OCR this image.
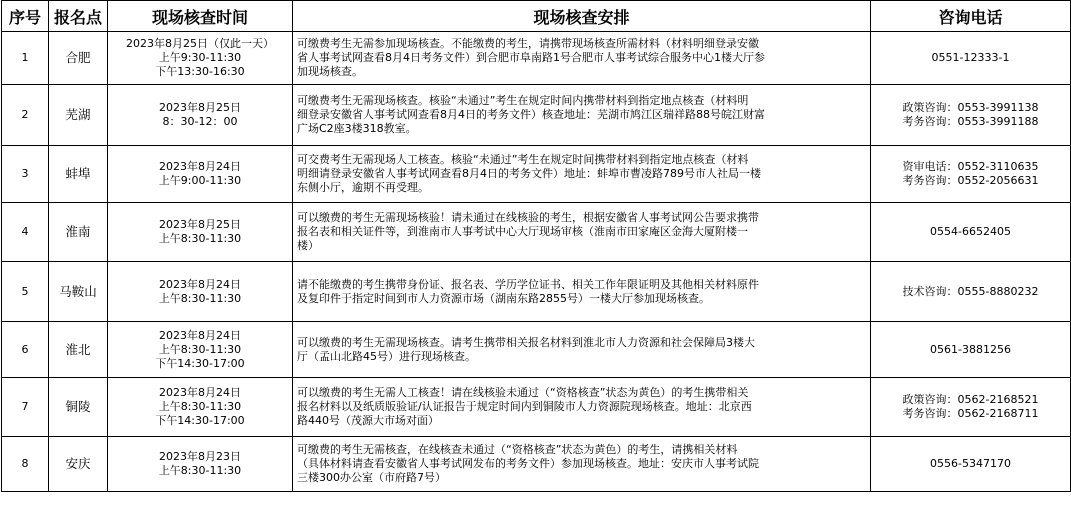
序号	报名点	现场核查时间	现场核查安排	咨询电话
1	合肥	2023年8月25日（仅此一天）
上午9:30-11:30
下午13:30-16:30	可缴费考生无需参加现场核查。不能缴费的考生，请携带现场核查所需材料（材料明细登录安徽
省人事考试网查看8月4日考务文件）到合肥市阜南路1号合肥市人事考试综合服务中心1楼大厅参
加现场核查。	0551-12333-1

2	芜湖	2023年8月25日
8：30-12：00	可缴费考生无需现场核查。核验“未通过”考生在规定时间内携带材料到指定地点核查（材料明
细登录安徽省人事考试网查看8月4日的考务文件）核查地址：芜湖市鸠江区瑞祥路88号皖江财富
广场C2座3楼318教室。	政策咨询：0553-3991138
考务咨询：0553-3991188

3	蚌埠	2023年8月24日
上午9:00-11:30	可交费考生无需现场人工核查。核验“未通过”考生在规定时间携带材料到指定地点核查（材料
明细请登录安徽省人事考试网查看8月4日的考务文件）地址：蚌埠市曹凌路789号市人社局一楼
东侧小厅，逾期不再受理。	资审电话：0552-3110635
考务咨询：0552-2056631

4	淮南	2023年8月25日
上午8:30-11:30	可以缴费的考生无需现场核验！请未通过在线核验的考生，根据安徽省人事考试网公告要求携带
报名表和相关证件等，到淮南市人事考试中心大厅现场审核（淮南市田家庵区金海大厦附楼一
楼）	0554-6652405

5	马鞍山	2023年8月24日
上午8:30-11:30	请不能缴费的考生携带身份证、报名表、学历学位证书、相关工作年限证明及其他相关材料原件
及复印件于指定时间到市人力资源市场（湖南东路2855号）一楼大厅参加现场核查。	技术咨询：0555-8880232

6	淮北	2023年8月24日
上午8:30-11:30
下午14:30-17:00	可以缴费的考生无需现场核查。请考生携带相关报名材料到淮北市人力资源和社会保障局3楼大
厅（孟山北路45号）进行现场核查。	0561-3881256

7	铜陵	2023年8月24日
上午8:30-11:30
下午14:30-17:00	可以缴费的考生无需人工核查！请在线核验未通过（“资格核查”状态为黄色）的考生携带相关
报名材料以及纸质版验证/认证报告于规定时间内到铜陵市人力资源院现场核查。地址：北京西
路440号（茂源大市场对面）	政策咨询：0562-2168521
考务咨询：0562-2168711

8	安庆	2023年8月23日
上午8:30-11:30	可缴费的考生无需核查，在线核查未通过（“资格核查”状态为黄色）的考生，请携相关材料
（具体材料请查看安徽省人事考试网发布的考务文件）参加现场核查。地址：安庆市人事考试院
三楼300办公室（市府路7号）	0556-5347170
